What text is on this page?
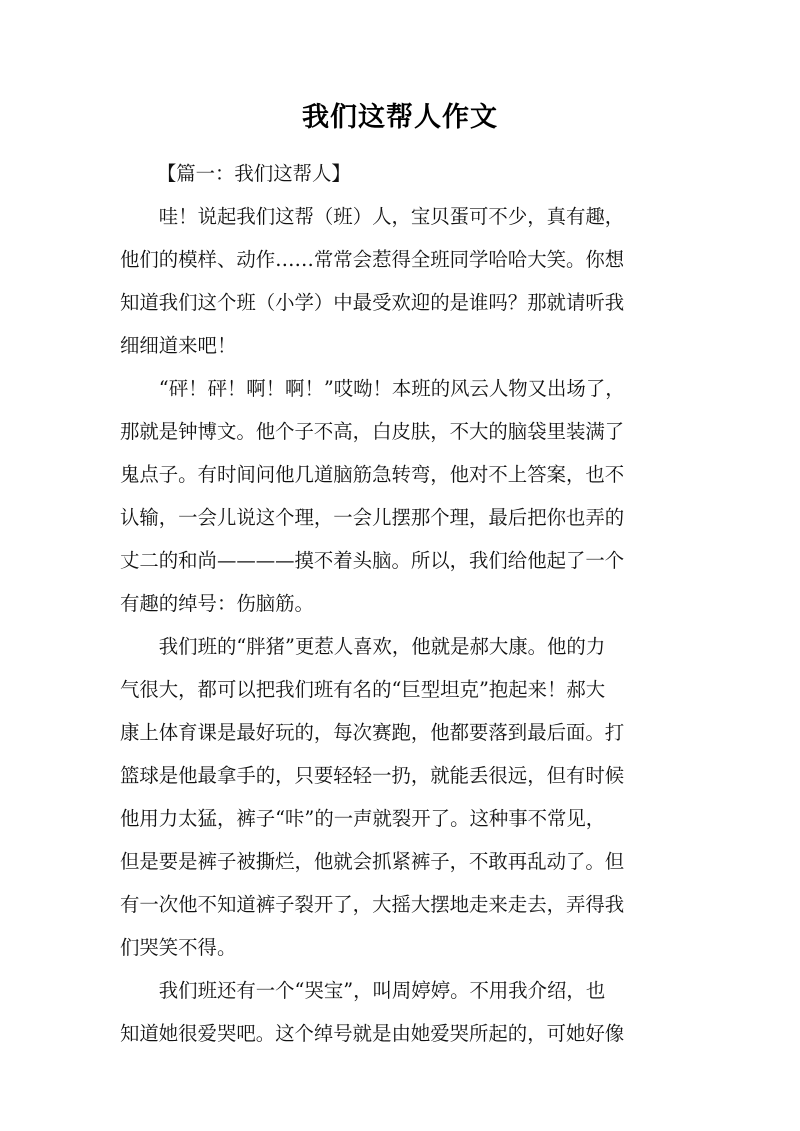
我们这帮人作文

【篇一：我们这帮人】

哇！说起我们这帮（班）人，宝贝蛋可不少，真有趣，
他们的模样、动作……常常会惹得全班同学哈哈大笑。你想
知道我们这个班（小学）中最受欢迎的是谁吗？那就请听我
细细道来吧！

“砰！砰！啊！啊！”哎呦！本班的风云人物又出场了，
那就是钟博文。他个子不高，白皮肤，不大的脑袋里装满了
鬼点子。有时间问他几道脑筋急转弯，他对不上答案，也不
认输，一会儿说这个理，一会儿摆那个理，最后把你也弄的
丈二的和尚————摸不着头脑。所以，我们给他起了一个
有趣的绰号：伤脑筋。

我们班的“胖猪”更惹人喜欢，他就是郝大康。他的力
气很大，都可以把我们班有名的“巨型坦克”抱起来！郝大
康上体育课是最好玩的，每次赛跑，他都要落到最后面。打
篮球是他最拿手的，只要轻轻一扔，就能丢很远，但有时候
他用力太猛，裤子“咔”的一声就裂开了。这种事不常见，
但是要是裤子被撕烂，他就会抓紧裤子，不敢再乱动了。但
有一次他不知道裤子裂开了，大摇大摆地走来走去，弄得我
们哭笑不得。

我们班还有一个“哭宝”，叫周婷婷。不用我介绍，也
知道她很爱哭吧。这个绰号就是由她爱哭所起的，可她好像
